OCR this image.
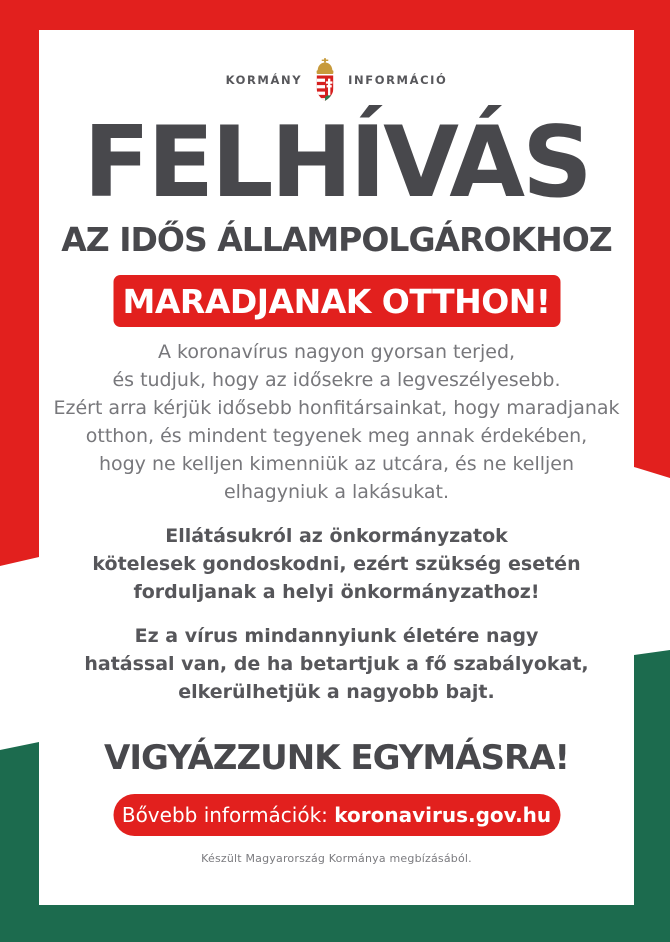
KORMÁNY	INFORMÁCIÓ
FELHÍVÁS
AZ IDŐS ÁLLAMPOLGÁROKHOZ
MARADJANAK OTTHON!
A koronavírus nagyon gyorsan terjed,
és tudjuk, hogy az idősekre a legveszélyesebb.
Ezért arra kérjük idősebb honfitársainkat, hogy maradjanak
otthon, és mindent tegyenek meg annak érdekében,
hogy ne kelljen kimenniük az utcára, és ne kelljen
elhagyniuk a lakásukat.
Ellátásukról az önkormányzatok
kötelesek gondoskodni, ezért szükség esetén
forduljanak a helyi önkormányzathoz!
Ez a vírus mindannyiunk életére nagy
hatással van, de ha betartjuk a fő szabályokat,
elkerülhetjük a nagyobb bajt.
VIGYÁZZUNK EGYMÁSRA!
Bővebb információk: koronavirus.gov.hu
Készült Magyarország Kormánya megbízásából.
